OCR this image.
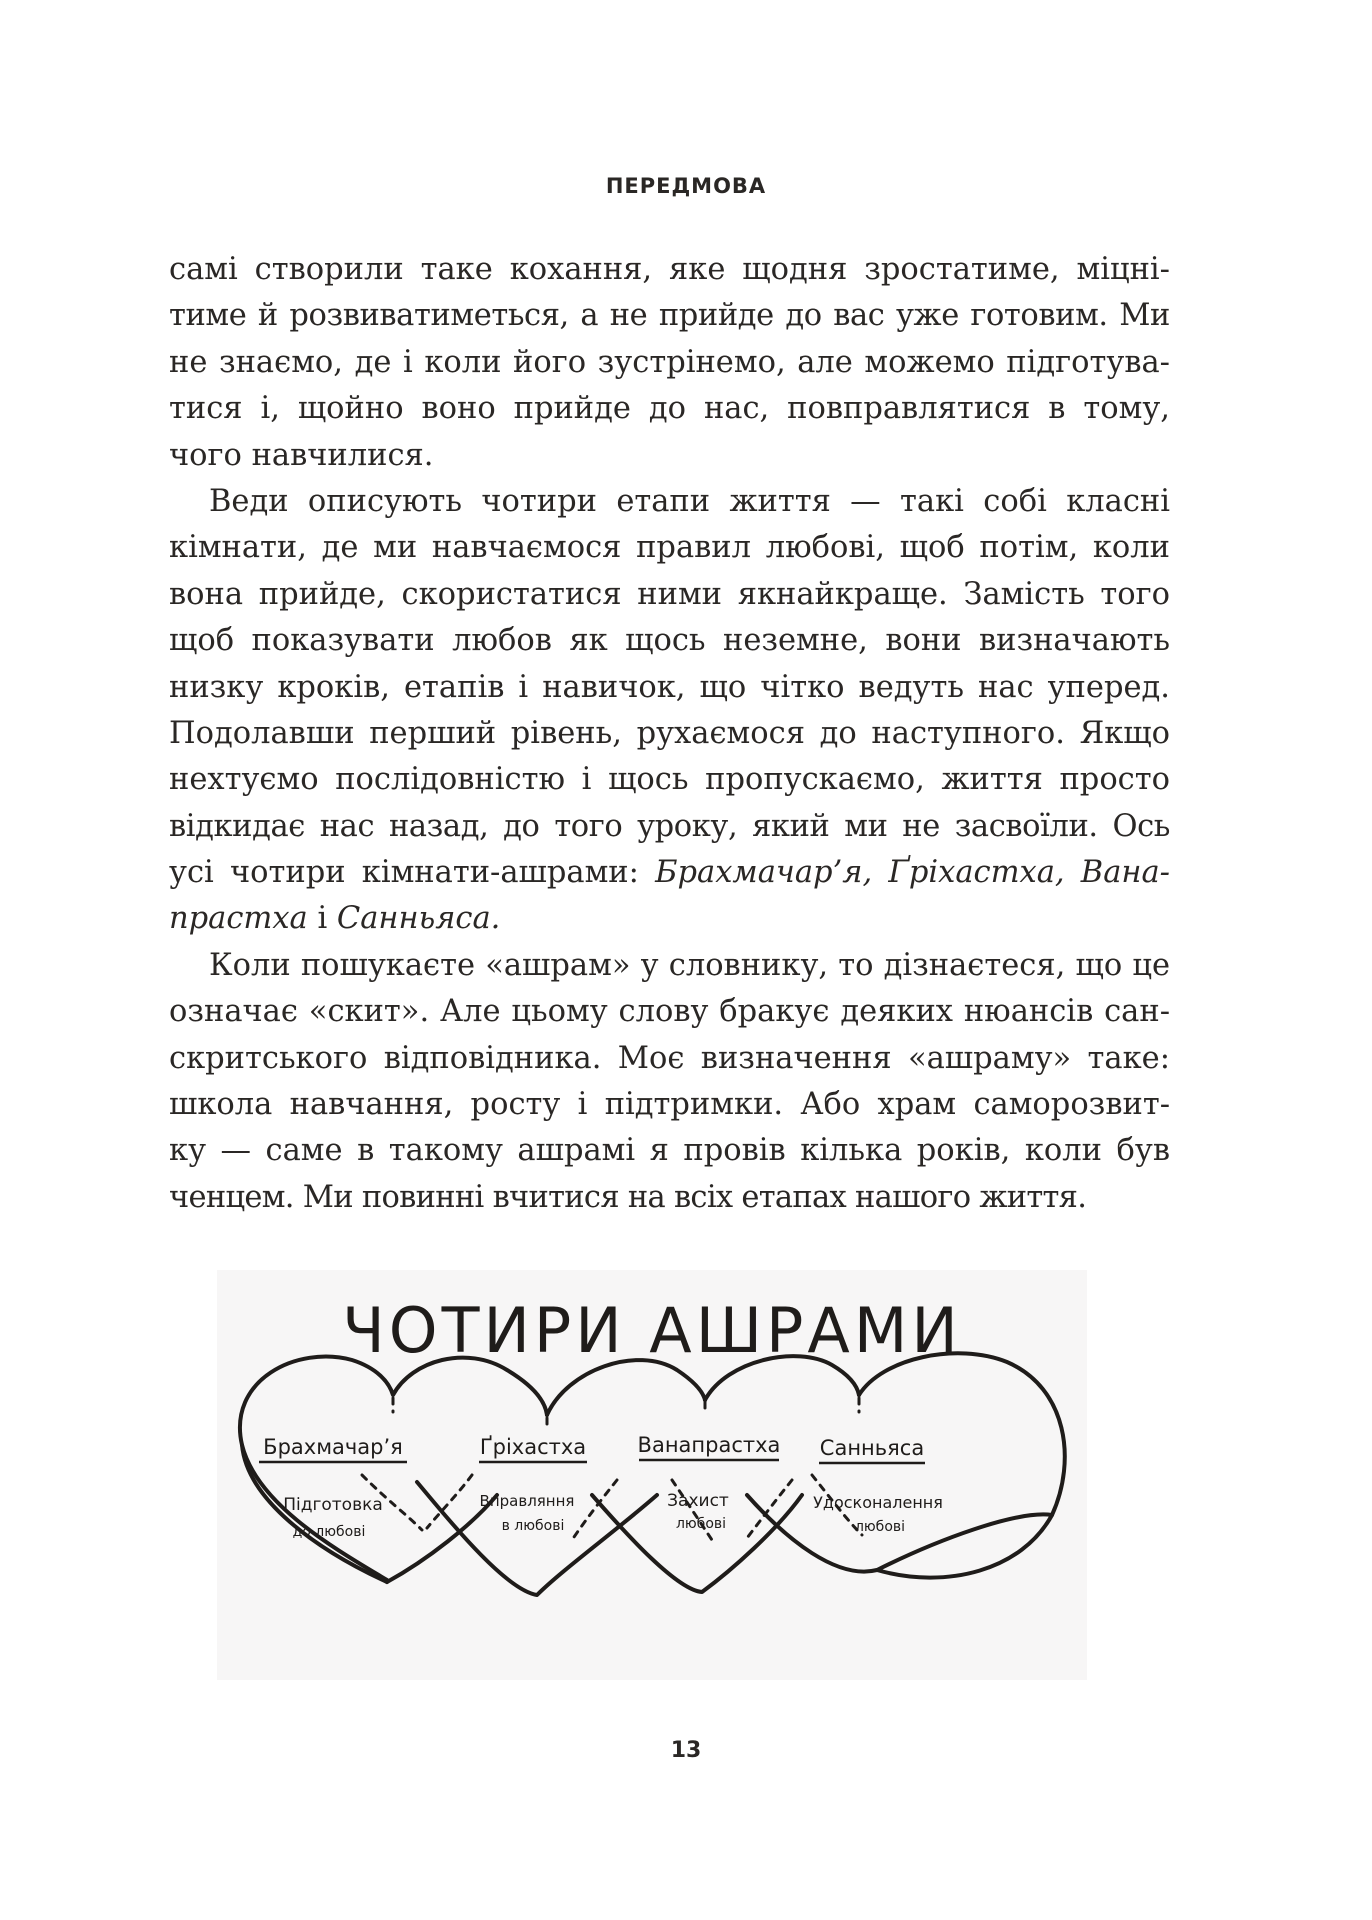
ПЕРЕДМОВА
самі створили таке кохання, яке щодня зростатиме, міцні-
тиме й розвиватиметься, а не прийде до вас уже готовим. Ми
не знаємо, де і коли його зустрінемо, але можемо підготува-
тися і, щойно воно прийде до нас, повправлятися в тому,
чого навчилися.
Веди описують чотири етапи життя — такі собі класні
кімнати, де ми навчаємося правил любові, щоб потім, коли
вона прийде, скористатися ними якнайкраще. Замість того
щоб показувати любов як щось неземне, вони визначають
низку кроків, етапів і навичок, що чітко ведуть нас уперед.
Подолавши перший рівень, рухаємося до наступного. Якщо
нехтуємо послідовністю і щось пропускаємо, життя просто
відкидає нас назад, до того уроку, який ми не засвоїли. Ось
усі чотири кімнати-ашрами: Брахмачар’я, Ґріхастха, Вана-
прастха і Санньяса.
Коли пошукаєте «ашрам» у словнику, то дізнаєтеся, що це
означає «скит». Але цьому слову бракує деяких нюансів сан-
скритського відповідника. Моє визначення «ашраму» таке:
школа навчання, росту і підтримки. Або храм саморозвит-
ку — саме в такому ашрамі я провів кілька років, коли був
ченцем. Ми повинні вчитися на всіх етапах нашого життя.
ЧОТИРИ АШРАМИ
Брахмачар’я	Ґріхастха Ванапрастха Санньяса
Підготовка
до любові
Вправляння
в любові
Захист
любові
Удосконалення
любові
13
